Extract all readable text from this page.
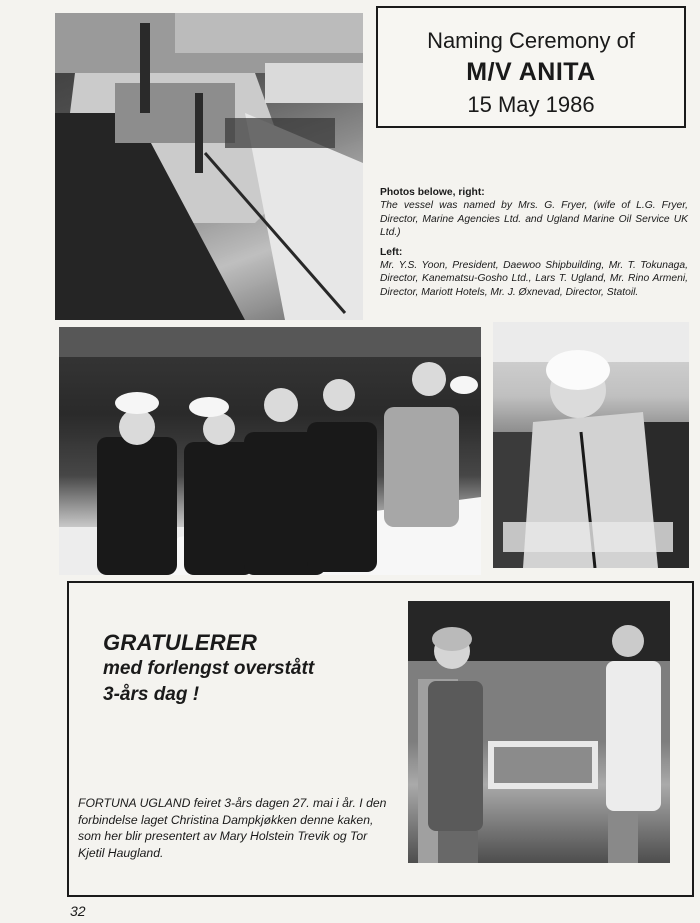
Naming Ceremony of
M/V ANITA
15 May 1986

Photos belowe, right:

The vessel was named by Mrs. G. Fryer, (wife of L.G. Fryer, Director, Marine Agencies Ltd. and Ugland Marine Oil Service UK Ltd.)

Left:

Mr. Y.S. Yoon, President, Daewoo Shipbuilding, Mr. T. Tokunaga, Director, Kanematsu-Gosho Ltd., Lars T. Ugland, Mr. Rino Armeni, Director, Mariott Hotels, Mr. J. Øxnevad, Director, Statoil.

GRATULERER
med forlengst overstått
3-års dag !
FORTUNA UGLAND feiret 3-års dagen 27. mai i år. I den forbindelse laget Christina Dampkjøkken denne kaken, som her blir presentert av Mary Holstein Trevik og Tor Kjetil Haugland.
32
